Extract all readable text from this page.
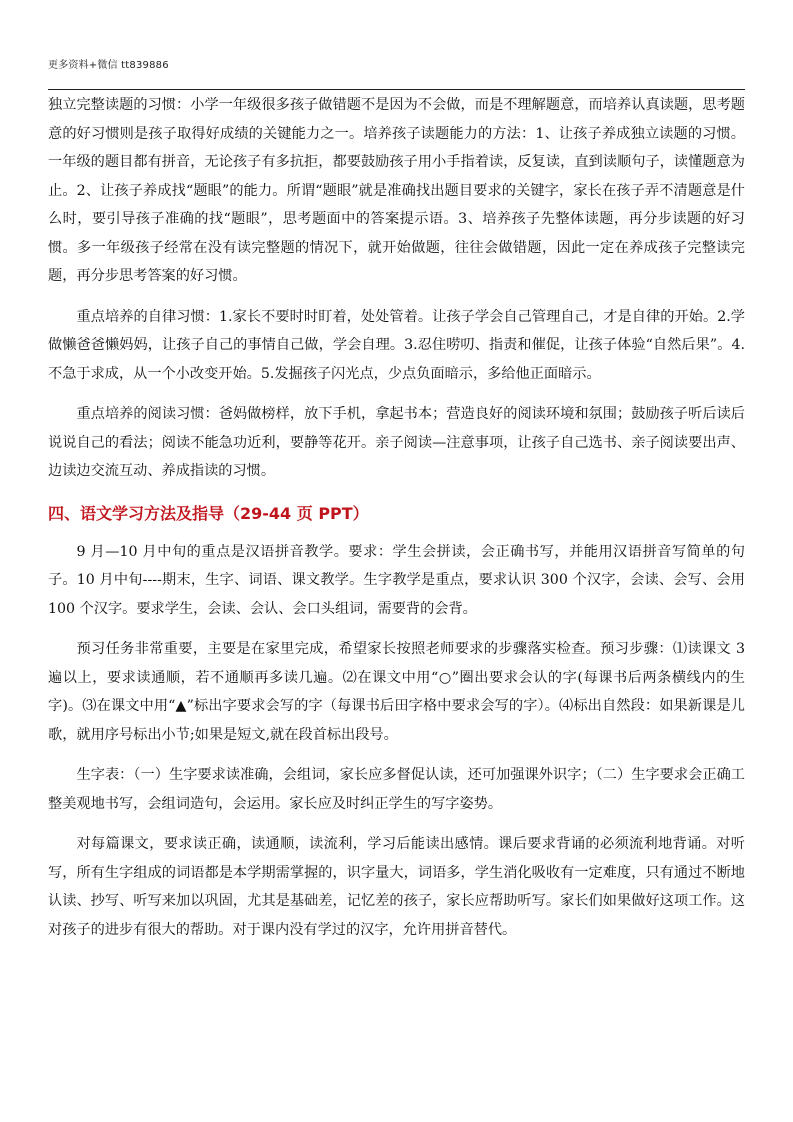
更多资料+微信 tt839886

独立完整读题的习惯：小学一年级很多孩子做错题不是因为不会做，而是不理解题意，而培养认真读题，思考题意的好习惯则是孩子取得好成绩的关键能力之一。培养孩子读题能力的方法：1、让孩子养成独立读题的习惯。一年级的题目都有拼音，无论孩子有多抗拒，都要鼓励孩子用小手指着读，反复读，直到读顺句子，读懂题意为止。2、让孩子养成找“题眼”的能力。所谓“题眼”就是准确找出题目要求的关键字，家长在孩子弄不清题意是什么时，要引导孩子准确的找“题眼”，思考题面中的答案提示语。3、培养孩子先整体读题，再分步读题的好习惯。多一年级孩子经常在没有读完整题的情况下，就开始做题，往往会做错题，因此一定在养成孩子完整读完题，再分步思考答案的好习惯。

重点培养的自律习惯：1.家长不要时时盯着，处处管着。让孩子学会自己管理自己，才是自律的开始。2.学做懒爸爸懒妈妈，让孩子自己的事情自己做，学会自理。3.忍住唠叨、指责和催促，让孩子体验“自然后果”。4.不急于求成，从一个小改变开始。5.发掘孩子闪光点，少点负面暗示，多给他正面暗示。

重点培养的阅读习惯：爸妈做榜样，放下手机，拿起书本；营造良好的阅读环境和氛围；鼓励孩子听后读后说说自己的看法；阅读不能急功近利，要静等花开。亲子阅读—注意事项，让孩子自己选书、亲子阅读要出声、边读边交流互动、养成指读的习惯。

四、语文学习方法及指导（29-44 页 PPT）

9 月—10 月中旬的重点是汉语拼音教学。要求：学生会拼读，会正确书写，并能用汉语拼音写简单的句子。10 月中旬----期末，生字、词语、课文教学。生字教学是重点，要求认识 300 个汉字，会读、会写、会用 100 个汉字。要求学生，会读、会认、会口头组词，需要背的会背。

预习任务非常重要，主要是在家里完成，希望家长按照老师要求的步骤落实检查。预习步骤：⑴读课文 3 遍以上，要求读通顺，若不通顺再多读几遍。⑵在课文中用“○”圈出要求会认的字(每课书后两条横线内的生字)。⑶在课文中用“▲”标出字要求会写的字（每课书后田字格中要求会写的字）。⑷标出自然段：如果新课是儿歌，就用序号标出小节;如果是短文,就在段首标出段号。

生字表：（一）生字要求读准确，会组词，家长应多督促认读，还可加强课外识字；（二）生字要求会正确工整美观地书写，会组词造句，会运用。家长应及时纠正学生的写字姿势。

对每篇课文，要求读正确，读通顺，读流利，学习后能读出感情。课后要求背诵的必须流利地背诵。对听写，所有生字组成的词语都是本学期需掌握的，识字量大，词语多，学生消化吸收有一定难度，只有通过不断地认读、抄写、听写来加以巩固，尤其是基础差，记忆差的孩子，家长应帮助听写。家长们如果做好这项工作。这对孩子的进步有很大的帮助。对于课内没有学过的汉字，允许用拼音替代。
